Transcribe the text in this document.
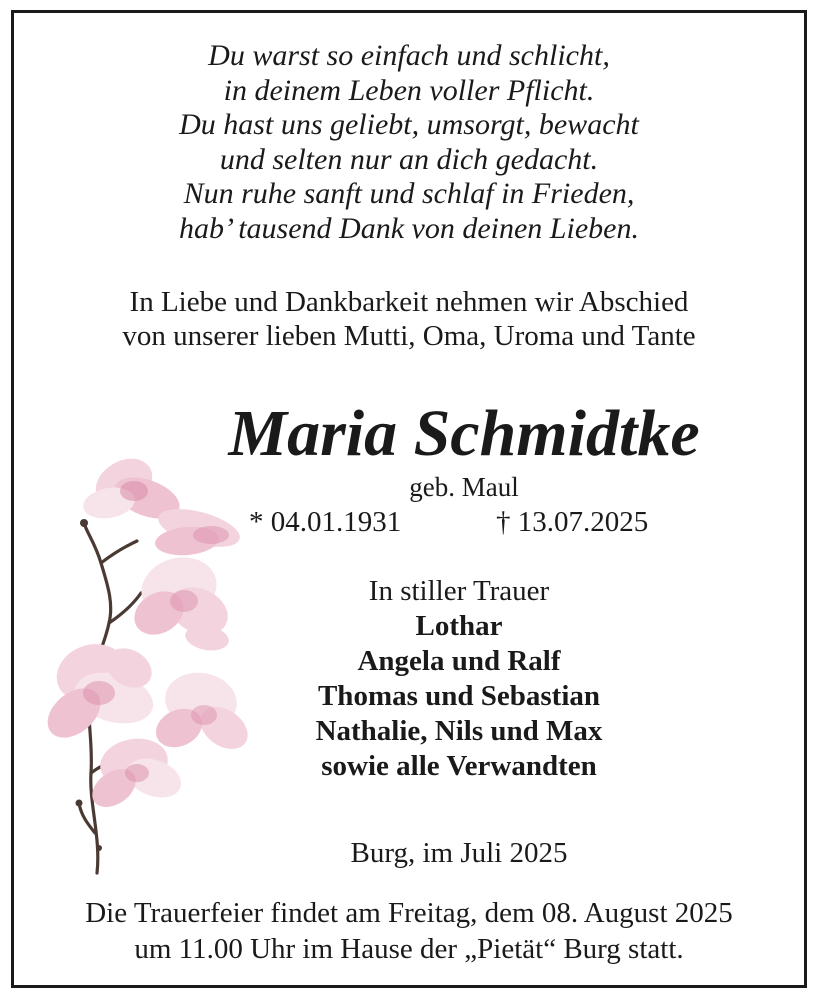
Du warst so einfach und schlicht,
in deinem Leben voller Pflicht.
Du hast uns geliebt, umsorgt, bewacht
und selten nur an dich gedacht.
Nun ruhe sanft und schlaf in Frieden,
hab’ tausend Dank von deinen Lieben.
In Liebe und Dankbarkeit nehmen wir Abschied
von unserer lieben Mutti, Oma, Uroma und Tante
Maria Schmidtke
geb. Maul
* 04.01.1931	† 13.07.2025
In stiller Trauer
Lothar
Angela und Ralf
Thomas und Sebastian
Nathalie, Nils und Max
sowie alle Verwandten
Burg, im Juli 2025
Die Trauerfeier findet am Freitag, dem 08. August 2025
um 11.00 Uhr im Hause der „Pietät“ Burg statt.
